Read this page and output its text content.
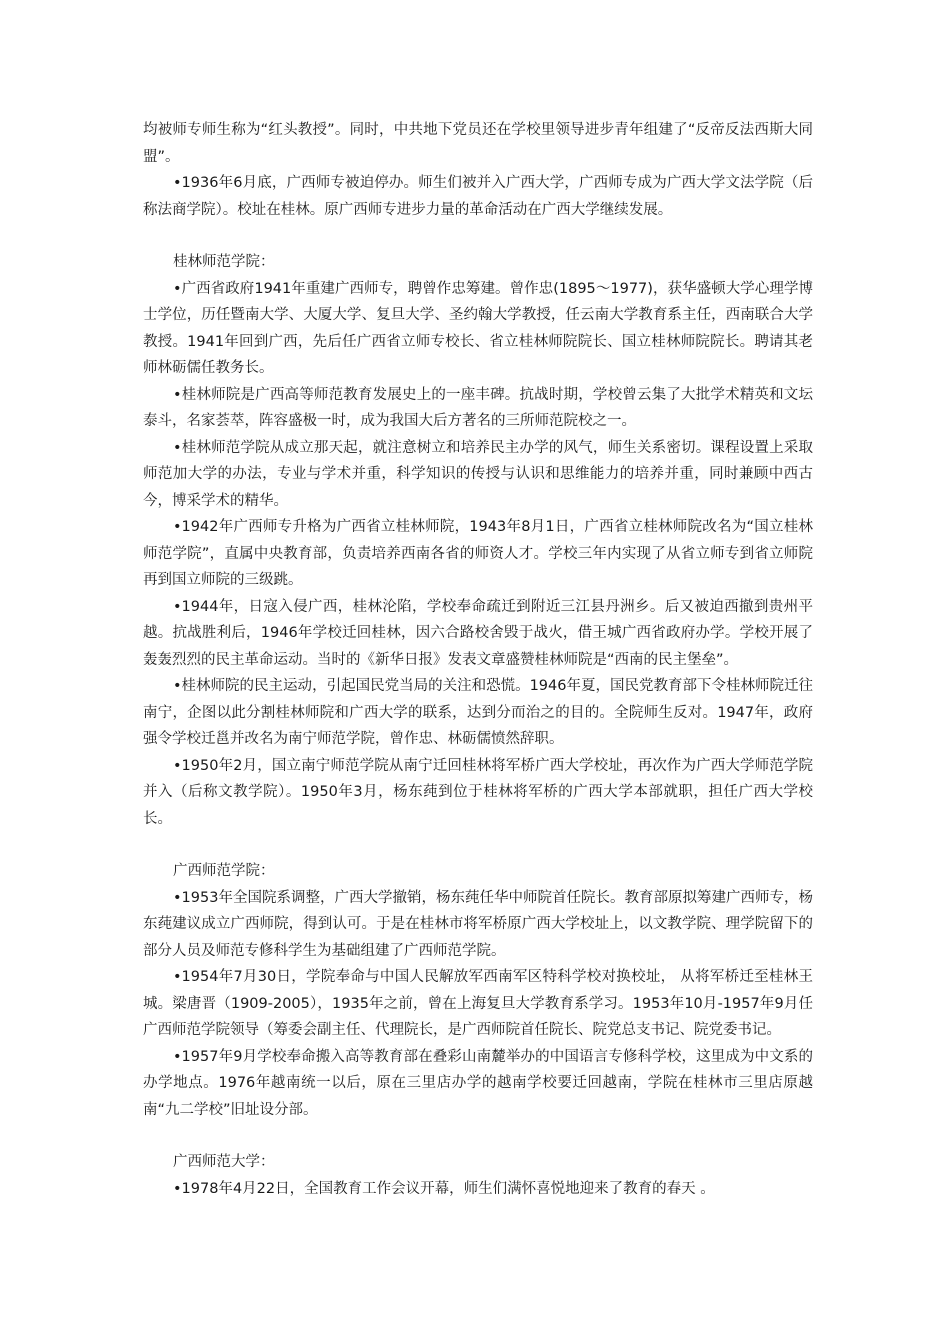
均被师专师生称为“红头教授”。同时，中共地下党员还在学校里领导进步青年组建了“反帝反法西斯大同盟”。

•1936年6月底，广西师专被迫停办。师生们被并入广西大学，广西师专成为广西大学文法学院（后称法商学院）。校址在桂林。原广西师专进步力量的革命活动在广西大学继续发展。

桂林师范学院：

•广西省政府1941年重建广西师专，聘曾作忠筹建。曾作忠(1895～1977)，获华盛顿大学心理学博士学位，历任暨南大学、大厦大学、复旦大学、圣约翰大学教授，任云南大学教育系主任，西南联合大学教授。1941年回到广西，先后任广西省立师专校长、省立桂林师院院长、国立桂林师院院长。聘请其老师林砺儒任教务长。

•桂林师院是广西高等师范教育发展史上的一座丰碑。抗战时期，学校曾云集了大批学术精英和文坛泰斗，名家荟萃，阵容盛极一时，成为我国大后方著名的三所师范院校之一。

•桂林师范学院从成立那天起，就注意树立和培养民主办学的风气，师生关系密切。课程设置上采取师范加大学的办法，专业与学术并重，科学知识的传授与认识和思维能力的培养并重，同时兼顾中西古今，博采学术的精华。

•1942年广西师专升格为广西省立桂林师院，1943年8月1日，广西省立桂林师院改名为“国立桂林师范学院”，直属中央教育部，负责培养西南各省的师资人才。学校三年内实现了从省立师专到省立师院再到国立师院的三级跳。

•1944年，日寇入侵广西，桂林沦陷，学校奉命疏迁到附近三江县丹洲乡。后又被迫西撤到贵州平越。抗战胜利后，1946年学校迁回桂林，因六合路校舍毁于战火，借王城广西省政府办学。学校开展了轰轰烈烈的民主革命运动。当时的《新华日报》发表文章盛赞桂林师院是“西南的民主堡垒”。

•桂林师院的民主运动，引起国民党当局的关注和恐慌。1946年夏，国民党教育部下令桂林师院迁往南宁，企图以此分割桂林师院和广西大学的联系，达到分而治之的目的。全院师生反对。1947年，政府强令学校迁邕并改名为南宁师范学院，曾作忠、林砺儒愤然辞职。

•1950年2月，国立南宁师范学院从南宁迁回桂林将军桥广西大学校址，再次作为广西大学师范学院并入（后称文教学院）。1950年3月，杨东莼到位于桂林将军桥的广西大学本部就职，担任广西大学校长。

广西师范学院：

•1953年全国院系调整，广西大学撤销，杨东莼任华中师院首任院长。教育部原拟筹建广西师专，杨东莼建议成立广西师院，得到认可。于是在桂林市将军桥原广西大学校址上，以文教学院、理学院留下的部分人员及师范专修科学生为基础组建了广西师范学院。

•1954年7月30日，学院奉命与中国人民解放军西南军区特科学校对换校址， 从将军桥迁至桂林王城。梁唐晋（1909-2005），1935年之前，曾在上海复旦大学教育系学习。1953年10月-1957年9月任广西师范学院领导（筹委会副主任、代理院长，是广西师院首任院长、院党总支书记、院党委书记。

•1957年9月学校奉命搬入高等教育部在叠彩山南麓举办的中国语言专修科学校，这里成为中文系的办学地点。1976年越南统一以后，原在三里店办学的越南学校要迁回越南，学院在桂林市三里店原越南“九二学校”旧址设分部。

广西师范大学：

•1978年4月22日，全国教育工作会议开幕，师生们满怀喜悦地迎来了教育的春天 。
